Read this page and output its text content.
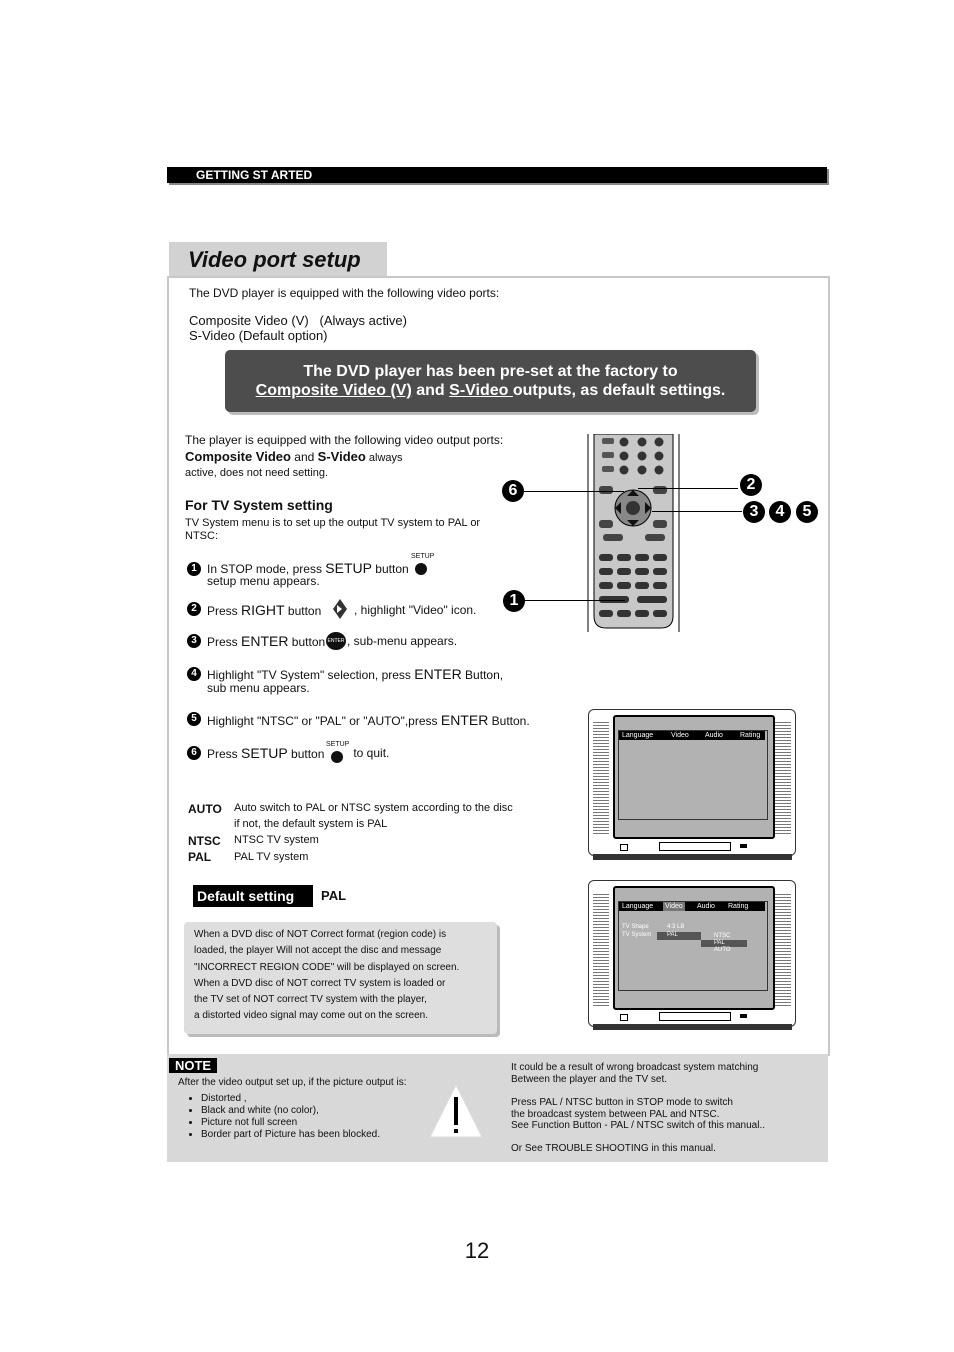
GETTING ST ARTED
Video port setup
The DVD player is equipped with the following video ports:
Composite Video (V)   (Always active)
S-Video (Default option)
The DVD player has been pre-set at the factory to
Composite Video (V) and S-Video outputs, as default settings.
The player is equipped with the following video output ports:
Composite Video and S-Video always
active, does not need setting.
For TV System setting
TV System menu is to set up the output TV system to PAL or NTSC:
1 In STOP mode, press SETUP button
setup menu appears.
SETUP
2 Press RIGHT button	, highlight "Video" icon.
3 Press ENTER button ENTER , sub-menu appears.
4 Highlight "TV System" selection, press ENTER Button,
sub menu appears.
5 Highlight "NTSC" or "PAL" or "AUTO",press ENTER Button.
6 Press SETUP button
SETUP
to quit.
AUTO Auto switch to PAL or NTSC system according to the disc
if not, the default system is PAL
NTSC NTSC TV system
PAL PAL TV system
Default setting	PAL
When a DVD disc of NOT Correct format (region code) is
loaded, the player Will not accept the disc and message
"INCORRECT REGION CODE" will be displayed on screen.
When a DVD disc of NOT correct TV system is loaded or
the TV set of NOT correct TV system with the player,
a distorted video signal may come out on the screen.
6	2
3	4	5
1
Language	Video Audio Rating
Language Video Audio Rating
TV Shape	4:3 LB
TV System	PAL	NTSC
PAL
AUTO
NOTE
After the video output set up, if the picture output is:
• Distorted ,
• Black and white (no color),
• Picture not full screen
• Border part of Picture has been blocked.
It could be a result of wrong broadcast system matching
Between the player and the TV set.
Press PAL / NTSC button in STOP mode to switch
the broadcast system between PAL and NTSC.
See Function Button - PAL / NTSC switch of this manual..
Or See TROUBLE SHOOTING in this manual.
12
